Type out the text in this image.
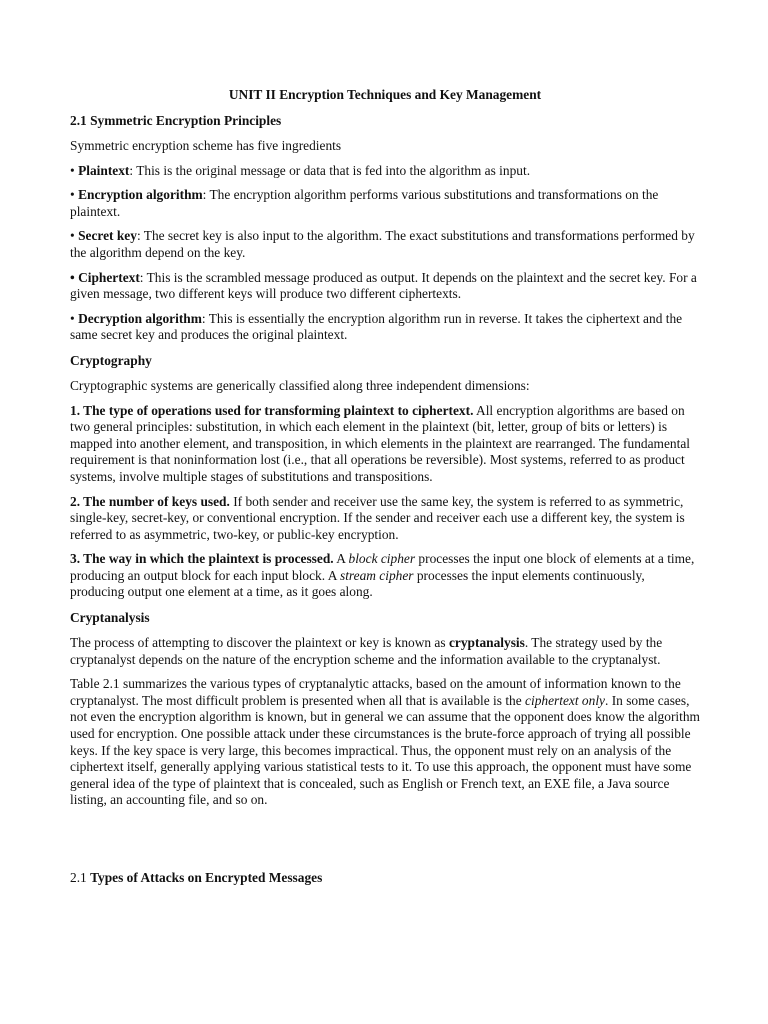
UNIT II Encryption Techniques and Key Management
2.1 Symmetric Encryption Principles

Symmetric encryption scheme has five ingredients

• Plaintext: This is the original message or data that is fed into the algorithm as input.

• Encryption algorithm: The encryption algorithm performs various substitutions and transformations on the plaintext.

• Secret key: The secret key is also input to the algorithm. The exact substitutions and transformations performed by the algorithm depend on the key.

• Ciphertext: This is the scrambled message produced as output. It depends on the plaintext and the secret key. For a given message, two different keys will produce two different ciphertexts.

• Decryption algorithm: This is essentially the encryption algorithm run in reverse. It takes the ciphertext and the same secret key and produces the original plaintext.

Cryptography

Cryptographic systems are generically classified along three independent dimensions:

1. The type of operations used for transforming plaintext to ciphertext. All encryption algorithms are based on two general principles: substitution, in which each element in the plaintext (bit, letter, group of bits or letters) is mapped into another element, and transposition, in which elements in the plaintext are rearranged. The fundamental requirement is that noninformation lost (i.e., that all operations be reversible). Most systems, referred to as product systems, involve multiple stages of substitutions and transpositions.

2. The number of keys used. If both sender and receiver use the same key, the system is referred to as symmetric, single-key, secret-key, or conventional encryption. If the sender and receiver each use a different key, the system is referred to as asymmetric, two-key, or public-key encryption.

3. The way in which the plaintext is processed. A block cipher processes the input one block of elements at a time, producing an output block for each input block. A stream cipher processes the input elements continuously, producing output one element at a time, as it goes along.

Cryptanalysis

The process of attempting to discover the plaintext or key is known as cryptanalysis. The strategy used by the cryptanalyst depends on the nature of the encryption scheme and the information available to the cryptanalyst.

Table 2.1 summarizes the various types of cryptanalytic attacks, based on the amount of information known to the cryptanalyst. The most difficult problem is presented when all that is available is the ciphertext only. In some cases, not even the encryption algorithm is known, but in general we can assume that the opponent does know the algorithm used for encryption. One possible attack under these circumstances is the brute-force approach of trying all possible keys. If the key space is very large, this becomes impractical. Thus, the opponent must rely on an analysis of the ciphertext itself, generally applying various statistical tests to it. To use this approach, the opponent must have some general idea of the type of plaintext that is concealed, such as English or French text, an EXE file, a Java source listing, an accounting file, and so on.

2.1 Types of Attacks on Encrypted Messages
